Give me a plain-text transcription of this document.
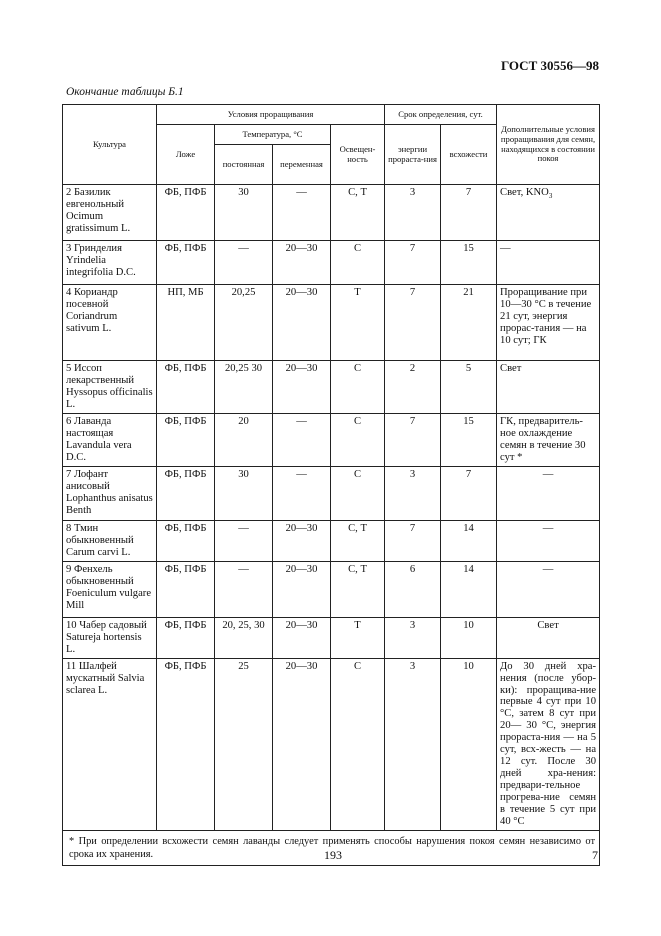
ГОСТ 30556—98
Окончание таблицы Б.1
Культура	Условия проращивания				Срок определения, сут.		Дополнительные условия проращивания для семян, находящихся в состоянии покоя
	Ложе	Температура, °С		Освещен-ность	энергии прораста-ния	всхожести	
		постоянная	переменная				
2 Базилик евгенольный Ocimum gratissimum L.	ФБ, ПФБ	30	—	С, Т	3	7	Свет, $KNO_3$
3 Гринделия Yrindelia integrifolia D.C.	ФБ, ПФБ	—	20—30	С	7	15	—
4 Кориандр посевной Coriandrum sativum L.	НП, МБ	20,25	20—30	Т	7	21	Проращивание при 10—30 °С в течение 21 сут, энергия прорас-тания — на 10 сут; ГК
5 Иссоп лекарственный Hyssopus officinalis L.	ФБ, ПФБ	20,25 30	20—30	С	2	5	Свет
6 Лаванда настоящая Lavandula vera D.C.	ФБ, ПФБ	20	—	С	7	15	ГК, предваритель-ное охлаждение семян в течение 30 сут *
7 Лофант анисовый Lophanthus anisatus Benth	ФБ, ПФБ	30	—	С	3	7	—
8 Тмин обыкновенный Carum carvi L.	ФБ, ПФБ	—	20—30	С, Т	7	14	—
9 Фенхель обыкновенный Foeniculum vulgare Mill	ФБ, ПФБ	—	20—30	С, Т	6	14	—
10 Чабер садовый Satureja hortensis L.	ФБ, ПФБ	20, 25, 30	20—30	Т	3	10	Свет
11 Шалфей мускатный Salvia sclarea L.	ФБ, ПФБ	25	20—30	С	3	10	До 30 дней хра-нения (после убор-ки): проращива-ние первые 4 сут при 10 °С, затем 8 сут при 20— 30 °С, энергия прораста-ния — на 5 сут, всх-жесть — на 12 сут. После 30 дней хра-нения: предвари-тельное прогрева-ние семян в течение 5 сут при 40 °С
* При определении всхожести семян лаванды следует применять способы нарушения покоя семян независимо от срока их хранения.								193	7
